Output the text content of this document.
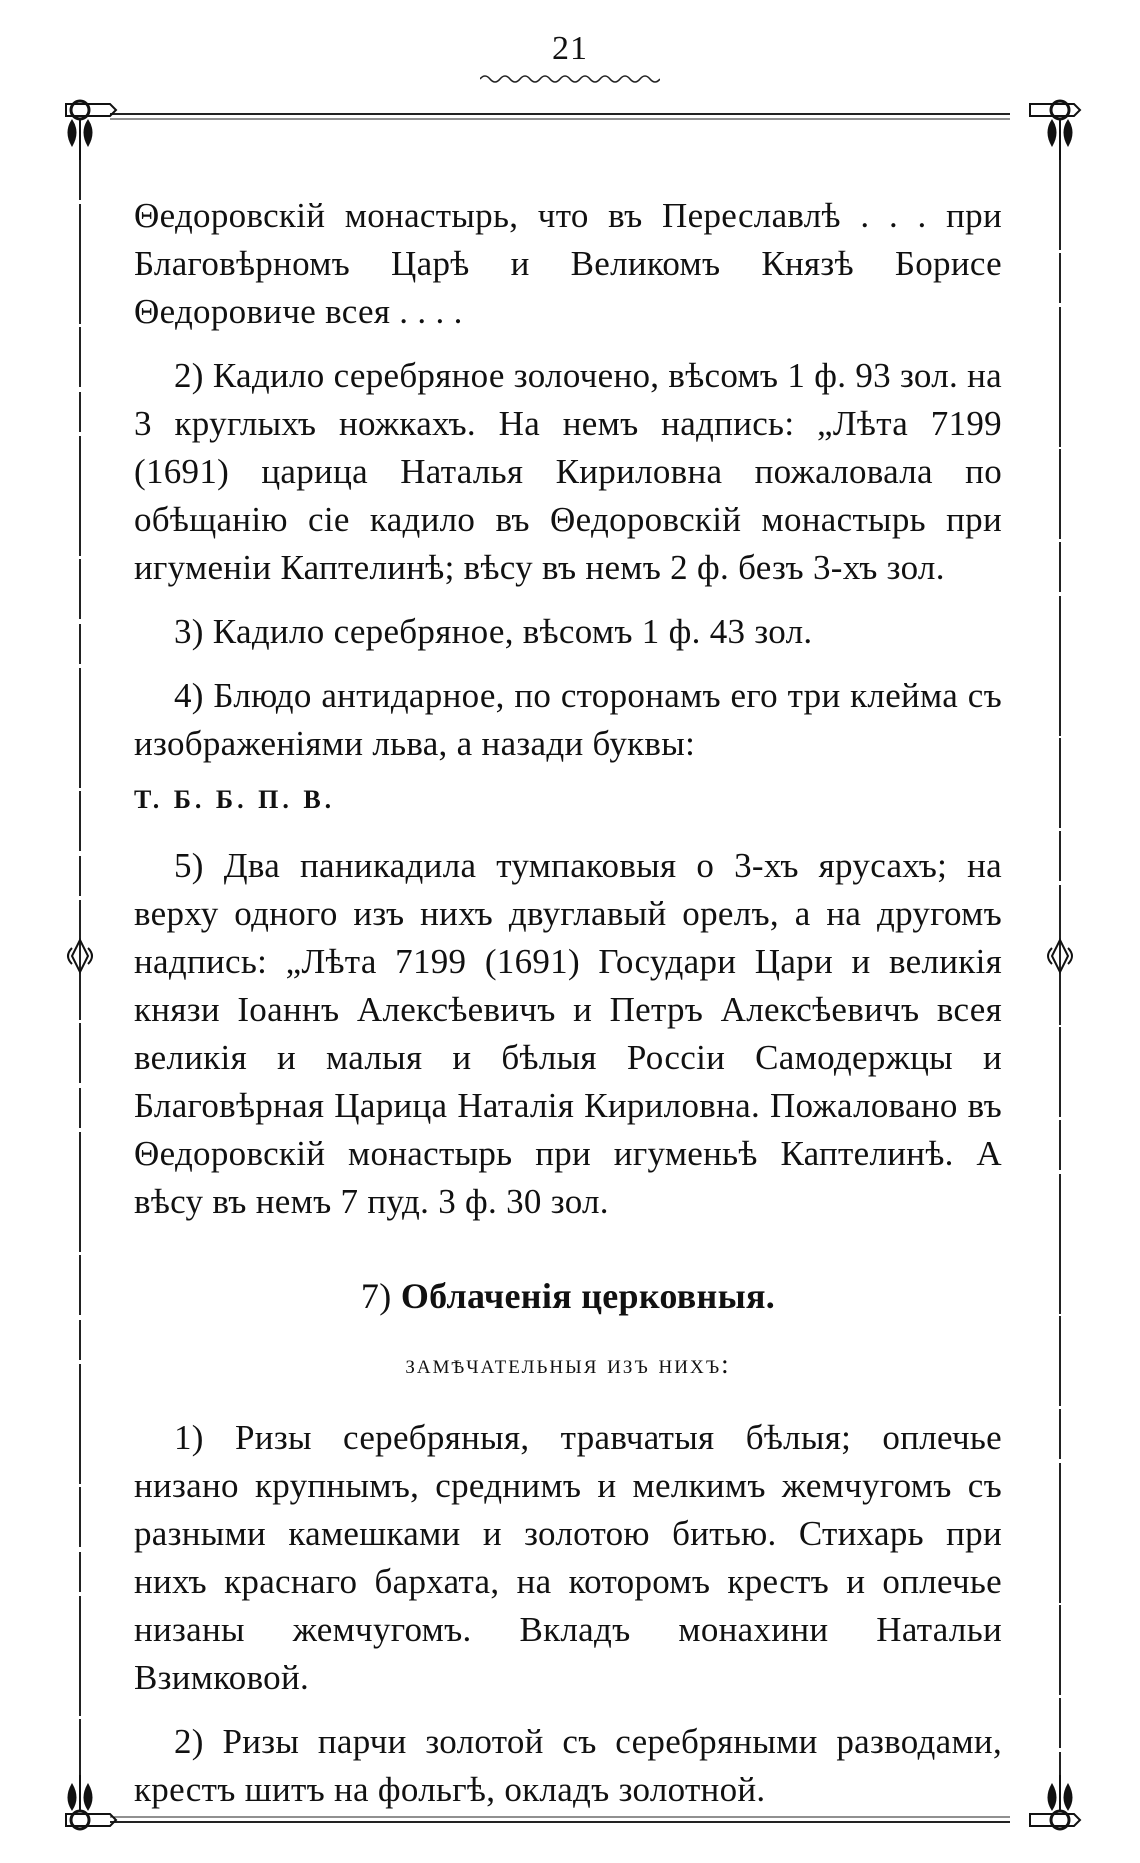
21

Θедоровскій монастырь, что въ Переславлѣ . . . при Благовѣрномъ Царѣ и Великомъ Князѣ Борисе Θедоровиче всея . . . .

2) Кадило серебряное золочено, вѣсомъ 1 ф. 93 зол. на 3 круглыхъ ножкахъ. На немъ надпись: „Лѣта 7199 (1691) царица Наталья Кириловна пожаловала по обѣщанію сіе кадило въ Θедоровскій монастырь при игуменіи Каптелинѣ; вѣсу въ немъ 2 ф. безъ 3-хъ зол.

3) Кадило серебряное, вѣсомъ 1 ф. 43 зол.

4) Блюдо антидарное, по сторонамъ его три клейма съ изображеніями льва, а назади буквы:

Т. Б. Б. П. В.

5) Два паникадила тумпаковыя о 3-хъ ярусахъ; на верху одного изъ нихъ двуглавый орелъ, а на другомъ надпись: „Лѣта 7199 (1691) Государи Цари и великія князи Іоаннъ Алексѣевичъ и Петръ Алексѣевичъ всея великія и малыя и бѣлыя Россіи Самодержцы и Благовѣрная Царица Наталія Кириловна. Пожаловано въ Θедоровскій монастырь при игуменьѣ Каптелинѣ. А вѣсу въ немъ 7 пуд. 3 ф. 30 зол.

7) Облаченія церковныя.
замѣчательныя изъ нихъ:

1) Ризы серебряныя, травчатыя бѣлыя; оплечье низано крупнымъ, среднимъ и мелкимъ жемчугомъ съ разными камешками и золотою битью. Стихарь при нихъ краснаго бархата, на которомъ крестъ и оплечье низаны жемчугомъ. Вкладъ монахини Натальи Взимковой.

2) Ризы парчи золотой съ серебряными разводами, крестъ шитъ на фольгѣ, окладъ золотной.
